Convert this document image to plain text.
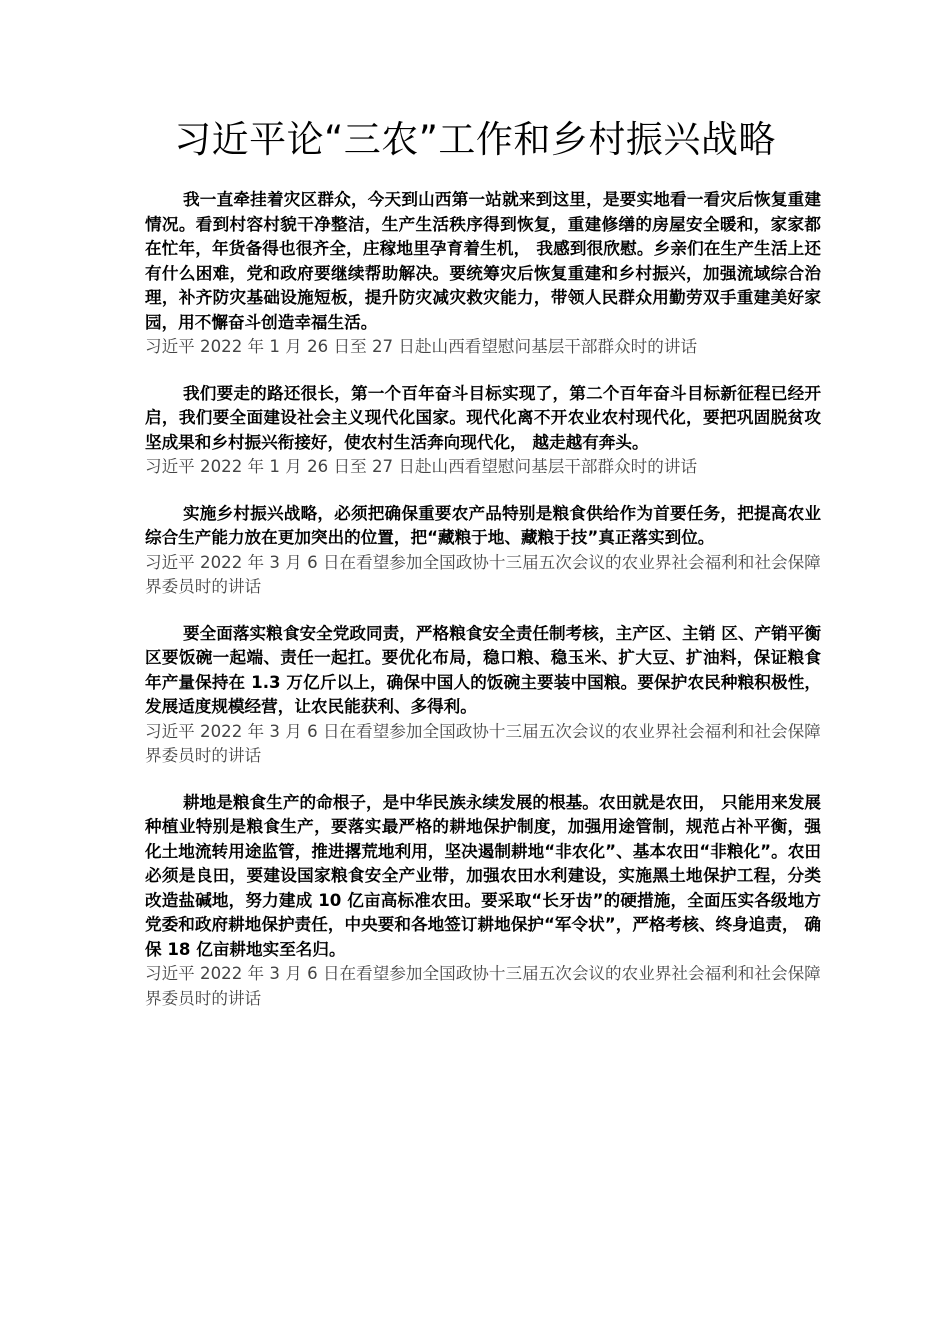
习近平论“三农”工作和乡村振兴战略

我一直牵挂着灾区群众，今天到山西第一站就来到这里，是要实地看一看灾后恢复重建情况。看到村容村貌干净整洁，生产生活秩序得到恢复，重建修缮的房屋安全暖和，家家都在忙年，年货备得也很齐全，庄稼地里孕育着生机， 我感到很欣慰。乡亲们在生产生活上还有什么困难，党和政府要继续帮助解决。要统筹灾后恢复重建和乡村振兴，加强流域综合治理，补齐防灾基础设施短板，提升防灾减灾救灾能力，带领人民群众用勤劳双手重建美好家园，用不懈奋斗创造幸福生活。

习近平 2022 年 1 月 26 日至 27 日赴山西看望慰问基层干部群众时的讲话

我们要走的路还很长，第一个百年奋斗目标实现了，第二个百年奋斗目标新征程已经开启，我们要全面建设社会主义现代化国家。现代化离不开农业农村现代化，要把巩固脱贫攻坚成果和乡村振兴衔接好，使农村生活奔向现代化， 越走越有奔头。

习近平 2022 年 1 月 26 日至 27 日赴山西看望慰问基层干部群众时的讲话

实施乡村振兴战略，必须把确保重要农产品特别是粮食供给作为首要任务，把提高农业综合生产能力放在更加突出的位置，把“藏粮于地、藏粮于技”真正落实到位。

习近平 2022 年 3 月 6 日在看望参加全国政协十三届五次会议的农业界社会福利和社会保障界委员时的讲话

要全面落实粮食安全党政同责，严格粮食安全责任制考核，主产区、主销 区、产销平衡区要饭碗一起端、责任一起扛。要优化布局，稳口粮、稳玉米、扩大豆、扩油料，保证粮食年产量保持在 1.3 万亿斤以上，确保中国人的饭碗主要装中国粮。要保护农民种粮积极性，发展适度规模经营，让农民能获利、多得利。

习近平 2022 年 3 月 6 日在看望参加全国政协十三届五次会议的农业界社会福利和社会保障界委员时的讲话

耕地是粮食生产的命根子，是中华民族永续发展的根基。农田就是农田， 只能用来发展种植业特别是粮食生产，要落实最严格的耕地保护制度，加强用途管制，规范占补平衡，强化土地流转用途监管，推进撂荒地利用，坚决遏制耕地“非农化”、基本农田“非粮化”。农田必须是良田，要建设国家粮食安全产业带，加强农田水利建设，实施黑土地保护工程，分类改造盐碱地，努力建成 10 亿亩高标准农田。要采取“长牙齿”的硬措施，全面压实各级地方党委和政府耕地保护责任，中央要和各地签订耕地保护“军令状”，严格考核、终身追责， 确保 18 亿亩耕地实至名归。

习近平 2022 年 3 月 6 日在看望参加全国政协十三届五次会议的农业界社会福利和社会保障界委员时的讲话
